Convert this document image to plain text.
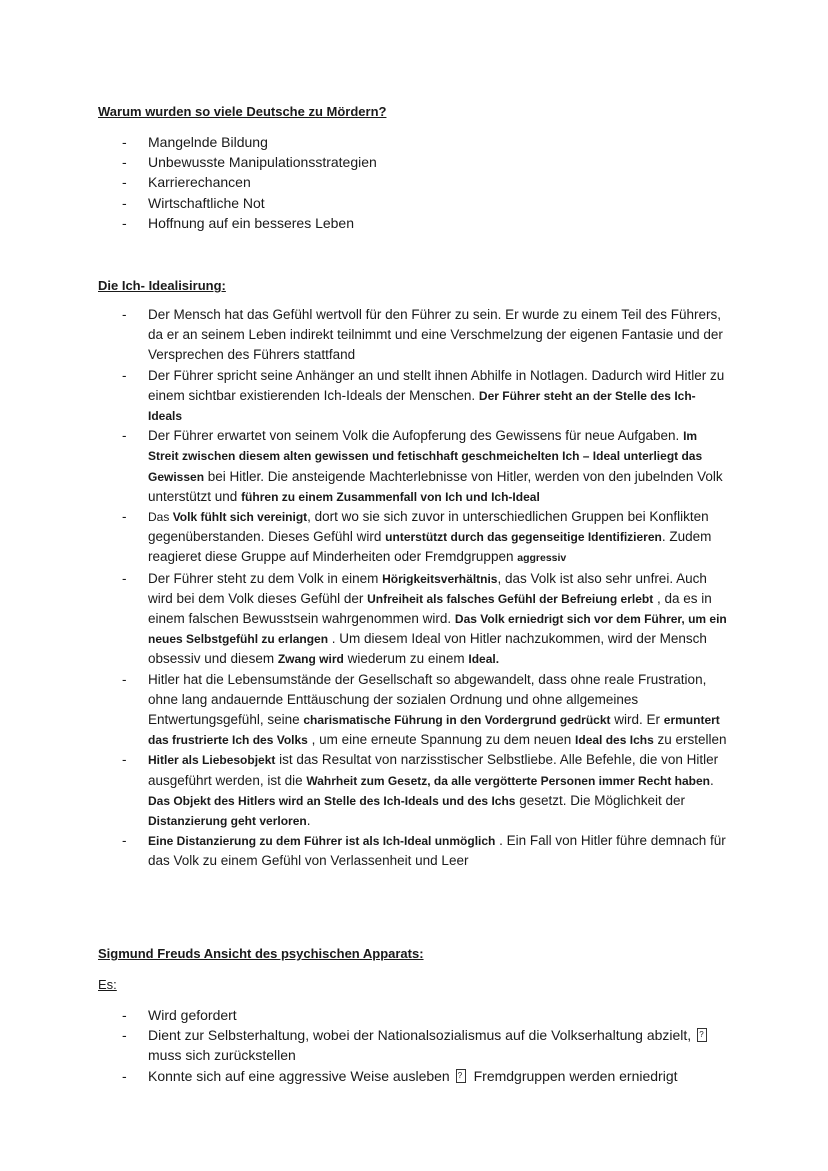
Warum wurden so viele Deutsche zu Mördern?
- Mangelnde Bildung
- Unbewusste Manipulationsstrategien
- Karrierechancen
- Wirtschaftliche Not
- Hoffnung auf ein besseres Leben
Die Ich- Idealisirung:
- Der Mensch hat das Gefühl wertvoll für den Führer zu sein. Er wurde zu einem Teil des Führers, da er an seinem Leben indirekt teilnimmt und eine Verschmelzung der eigenen Fantasie und der Versprechen des Führers stattfand
- Der Führer spricht seine Anhänger an und stellt ihnen Abhilfe in Notlagen. Dadurch wird Hitler zu einem sichtbar existierenden Ich-Ideals der Menschen. Der Führer steht an der Stelle des Ich-Ideals
- Der Führer erwartet von seinem Volk die Aufopferung des Gewissens für neue Aufgaben. Im Streit zwischen diesem alten gewissen und fetischhaft geschmeichelten Ich – Ideal unterliegt das Gewissen bei Hitler. Die ansteigende Machterlebnisse von Hitler, werden von den jubelnden Volk unterstützt und führen zu einem Zusammenfall von Ich und Ich-Ideal
- Das Volk fühlt sich vereinigt, dort wo sie sich zuvor in unterschiedlichen Gruppen bei Konflikten gegenüberstanden. Dieses Gefühl wird unterstützt durch das gegenseitige Identifizieren. Zudem reagieret diese Gruppe auf Minderheiten oder Fremdgruppen aggressiv
- Der Führer steht zu dem Volk in einem Hörigkeitsverhältnis, das Volk ist also sehr unfrei. Auch wird bei dem Volk dieses Gefühl der Unfreiheit als falsches Gefühl der Befreiung erlebt , da es in einem falschen Bewusstsein wahrgenommen wird. Das Volk erniedrigt sich vor dem Führer, um ein neues Selbstgefühl zu erlangen . Um diesem Ideal von Hitler nachzukommen, wird der Mensch obsessiv und diesem Zwang wird wiederum zu einem Ideal.
- Hitler hat die Lebensumstände der Gesellschaft so abgewandelt, dass ohne reale Frustration, ohne lang andauernde Enttäuschung der sozialen Ordnung und ohne allgemeines Entwertungsgefühl, seine charismatische Führung in den Vordergrund gedrückt wird. Er ermuntert das frustrierte Ich des Volks , um eine erneute Spannung zu dem neuen Ideal des Ichs zu erstellen
- Hitler als Liebesobjekt ist das Resultat von narzisstischer Selbstliebe. Alle Befehle, die von Hitler ausgeführt werden, ist die Wahrheit zum Gesetz, da alle vergötterte Personen immer Recht haben. Das Objekt des Hitlers wird an Stelle des Ich-Ideals und des Ichs gesetzt. Die Möglichkeit der Distanzierung geht verloren.
- Eine Distanzierung zu dem Führer ist als Ich-Ideal unmöglich . Ein Fall von Hitler führe demnach für das Volk zu einem Gefühl von Verlassenheit und Leer
Sigmund Freuds Ansicht des psychischen Apparats:
Es:
- Wird gefordert
- Dient zur Selbsterhaltung, wobei der Nationalsozialismus auf die Volkserhaltung abzielt,? muss sich zurückstellen
- Konnte sich auf eine aggressive Weise ausleben? Fremdgruppen werden erniedrigt
